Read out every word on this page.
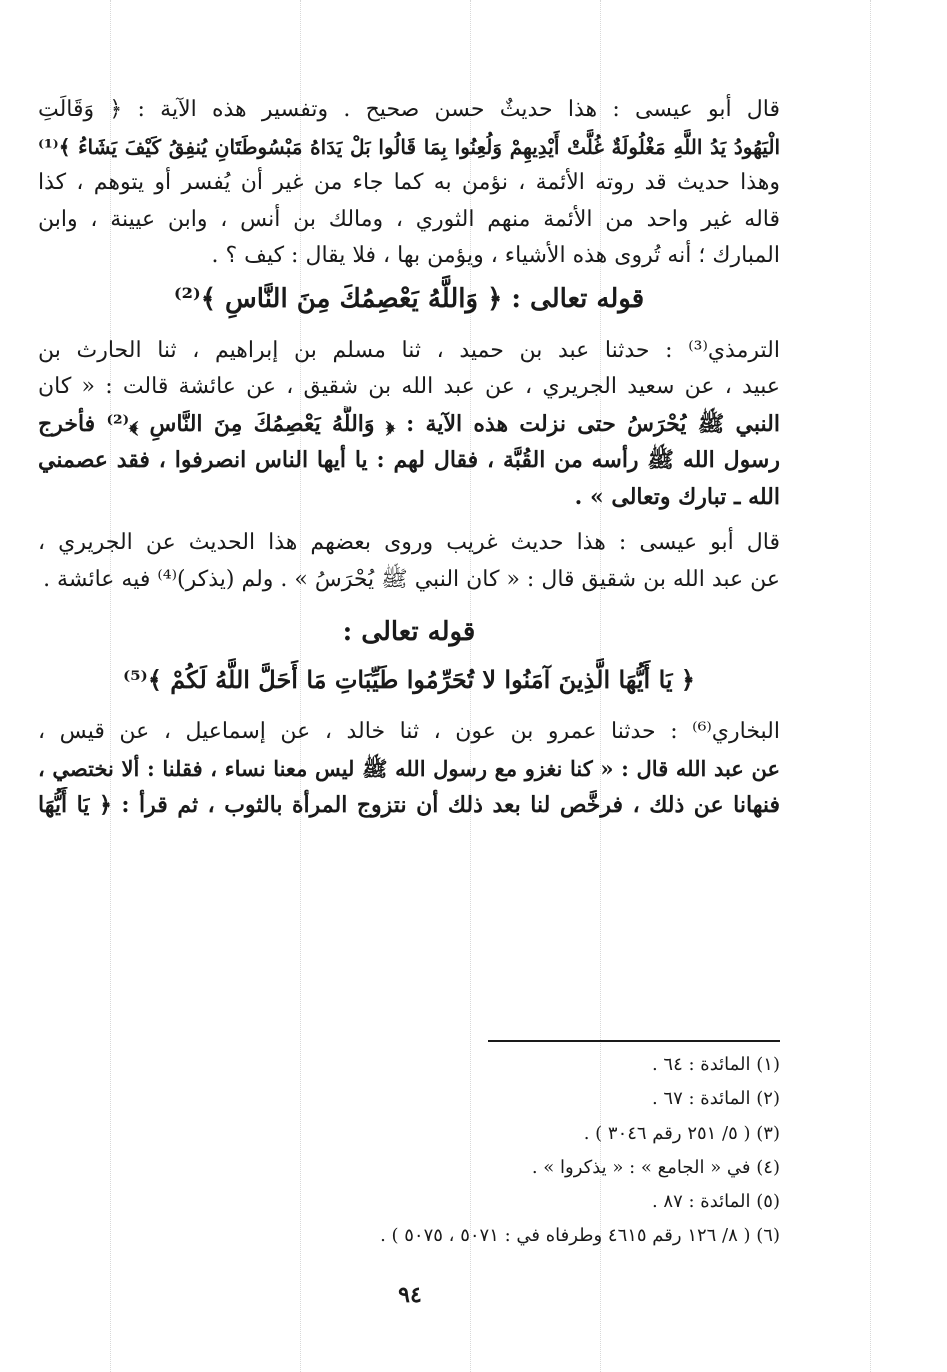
قال أبو عيسى : هذا حديثٌ حسن صحيح . وتفسير هذه الآية : ﴿ وَقَالَتِ
الْيَهُودُ يَدُ اللَّهِ مَغْلُولَةٌ غُلَّتْ أَيْدِيهِمْ وَلُعِنُوا بِمَا قَالُوا بَلْ يَدَاهُ مَبْسُوطَتَانِ يُنفِقُ كَيْفَ يَشَاءُ ﴾⁽¹⁾
وهذا حديث قد روته الأئمة ، نؤمن به كما جاء من غير أن يُفسر أو يتوهم ، كذا
قاله غير واحد من الأئمة منهم الثوري ، ومالك بن أنس ، وابن عيينة ، وابن
المبارك ؛ أنه تُروى هذه الأشياء ، ويؤمن بها ، فلا يقال : كيف ؟ .
قوله تعالى : ﴿ وَاللَّهُ يَعْصِمُكَ مِنَ النَّاسِ ﴾⁽²⁾
الترمذي⁽³⁾ : حدثنا عبد بن حميد ، ثنا مسلم بن إبراهيم ، ثنا الحارث بن
عبيد ، عن سعيد الجريري ، عن عبد الله بن شقيق ، عن عائشة قالت : « كان
النبي ﷺ يُحْرَسُ حتى نزلت هذه الآية : ﴿ وَاللَّهُ يَعْصِمُكَ مِنَ النَّاسِ ﴾⁽²⁾ فأخرج
رسول الله ﷺ رأسه من القُبَّة ، فقال لهم : يا أيها الناس انصرفوا ، فقد عصمني
الله ـ تبارك وتعالى » .
قال أبو عيسى : هذا حديث غريب وروى بعضهم هذا الحديث عن الجريري ،
عن عبد الله بن شقيق قال : « كان النبي ﷺ يُحْرَسُ » . ولم (يذكر)⁽⁴⁾ فيه عائشة .
قوله تعالى :
﴿ يَا أَيُّهَا الَّذِينَ آمَنُوا لا تُحَرِّمُوا طَيِّبَاتِ مَا أَحَلَّ اللَّهُ لَكُمْ ﴾⁽⁵⁾
البخاري⁽⁶⁾ : حدثنا عمرو بن عون ، ثنا خالد ، عن إسماعيل ، عن قيس ،
عن عبد الله قال : « كنا نغزو مع رسول الله ﷺ ليس معنا نساء ، فقلنا : ألا نختصي ،
فنهانا عن ذلك ، فرخَّص لنا بعد ذلك أن نتزوج المرأة بالثوب ، ثم قرأ : ﴿ يَا أَيُّهَا
(١) المائدة : ٦٤ .
(٢) المائدة : ٦٧ .
(٣) ( ٥/ ٢٥١ رقم ٣٠٤٦ ) .
(٤) في « الجامع » : « يذكروا » .
(٥) المائدة : ٨٧ .
(٦) ( ٨/ ١٢٦ رقم ٤٦١٥ وطرفاه في : ٥٠٧١ ، ٥٠٧٥ ) .
٩٤
